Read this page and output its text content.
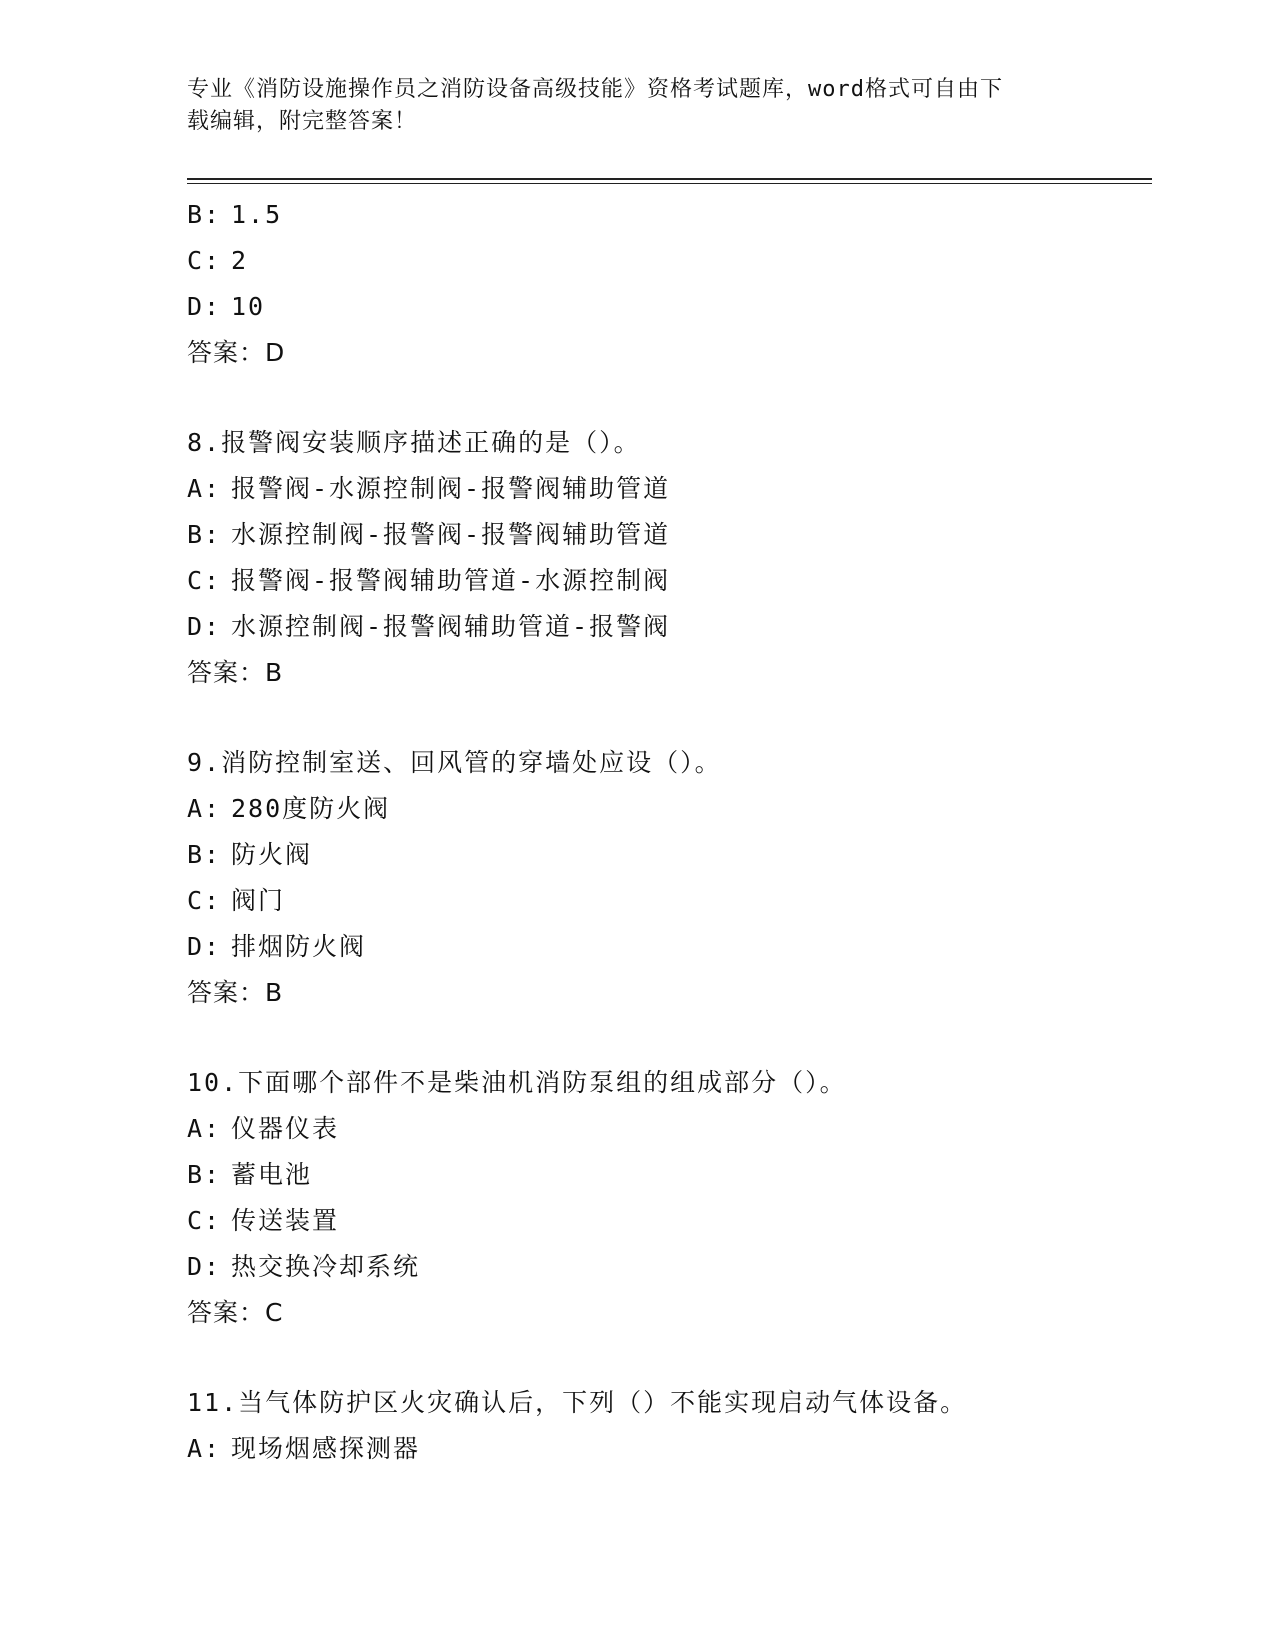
专业《消防设施操作员之消防设备高级技能》资格考试题库，word格式可自由下
载编辑，附完整答案！
B: 1.5
C: 2
D: 10
答案：D
8.报警阀安装顺序描述正确的是（）。
A: 报警阀-水源控制阀-报警阀辅助管道
B: 水源控制阀-报警阀-报警阀辅助管道
C: 报警阀-报警阀辅助管道-水源控制阀
D: 水源控制阀-报警阀辅助管道-报警阀
答案：B
9.消防控制室送、回风管的穿墙处应设（）。
A: 280度防火阀
B: 防火阀
C: 阀门
D: 排烟防火阀
答案：B
10.下面哪个部件不是柴油机消防泵组的组成部分（）。
A: 仪器仪表
B: 蓄电池
C: 传送装置
D: 热交换冷却系统
答案：C
11.当气体防护区火灾确认后，下列（）不能实现启动气体设备。
A: 现场烟感探测器
